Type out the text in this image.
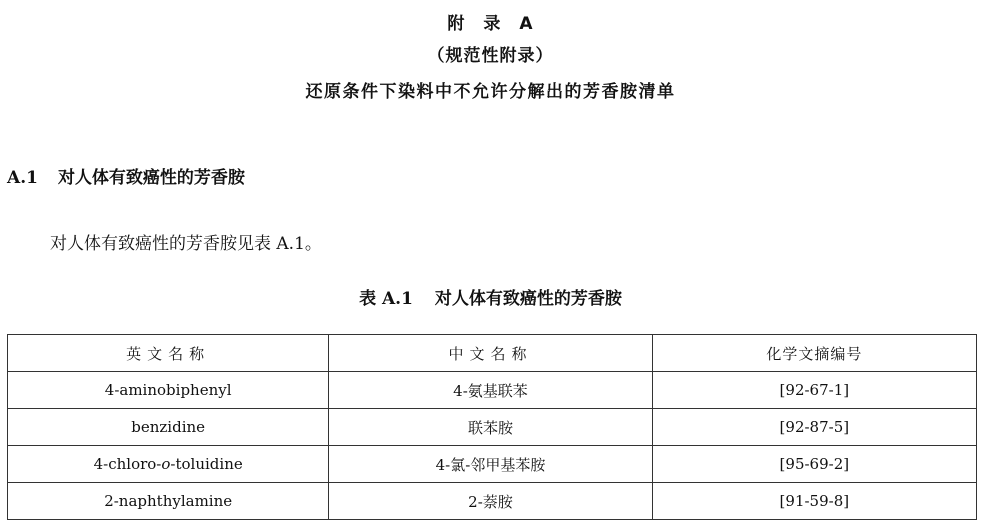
附　录　A
（规范性附录）
还原条件下染料中不允许分解出的芳香胺清单
A.1 对人体有致癌性的芳香胺
对人体有致癌性的芳香胺见表 A.1。
表 A.1 对人体有致癌性的芳香胺
英文名称	中文名称	化学文摘编号
4-aminobiphenyl	4-氨基联苯	[92-67-1]
benzidine	联苯胺	[92-87-5]
4-chloro-o-toluidine	4-氯-邻甲基苯胺	[95-69-2]
2-naphthylamine	2-萘胺	[91-59-8]
